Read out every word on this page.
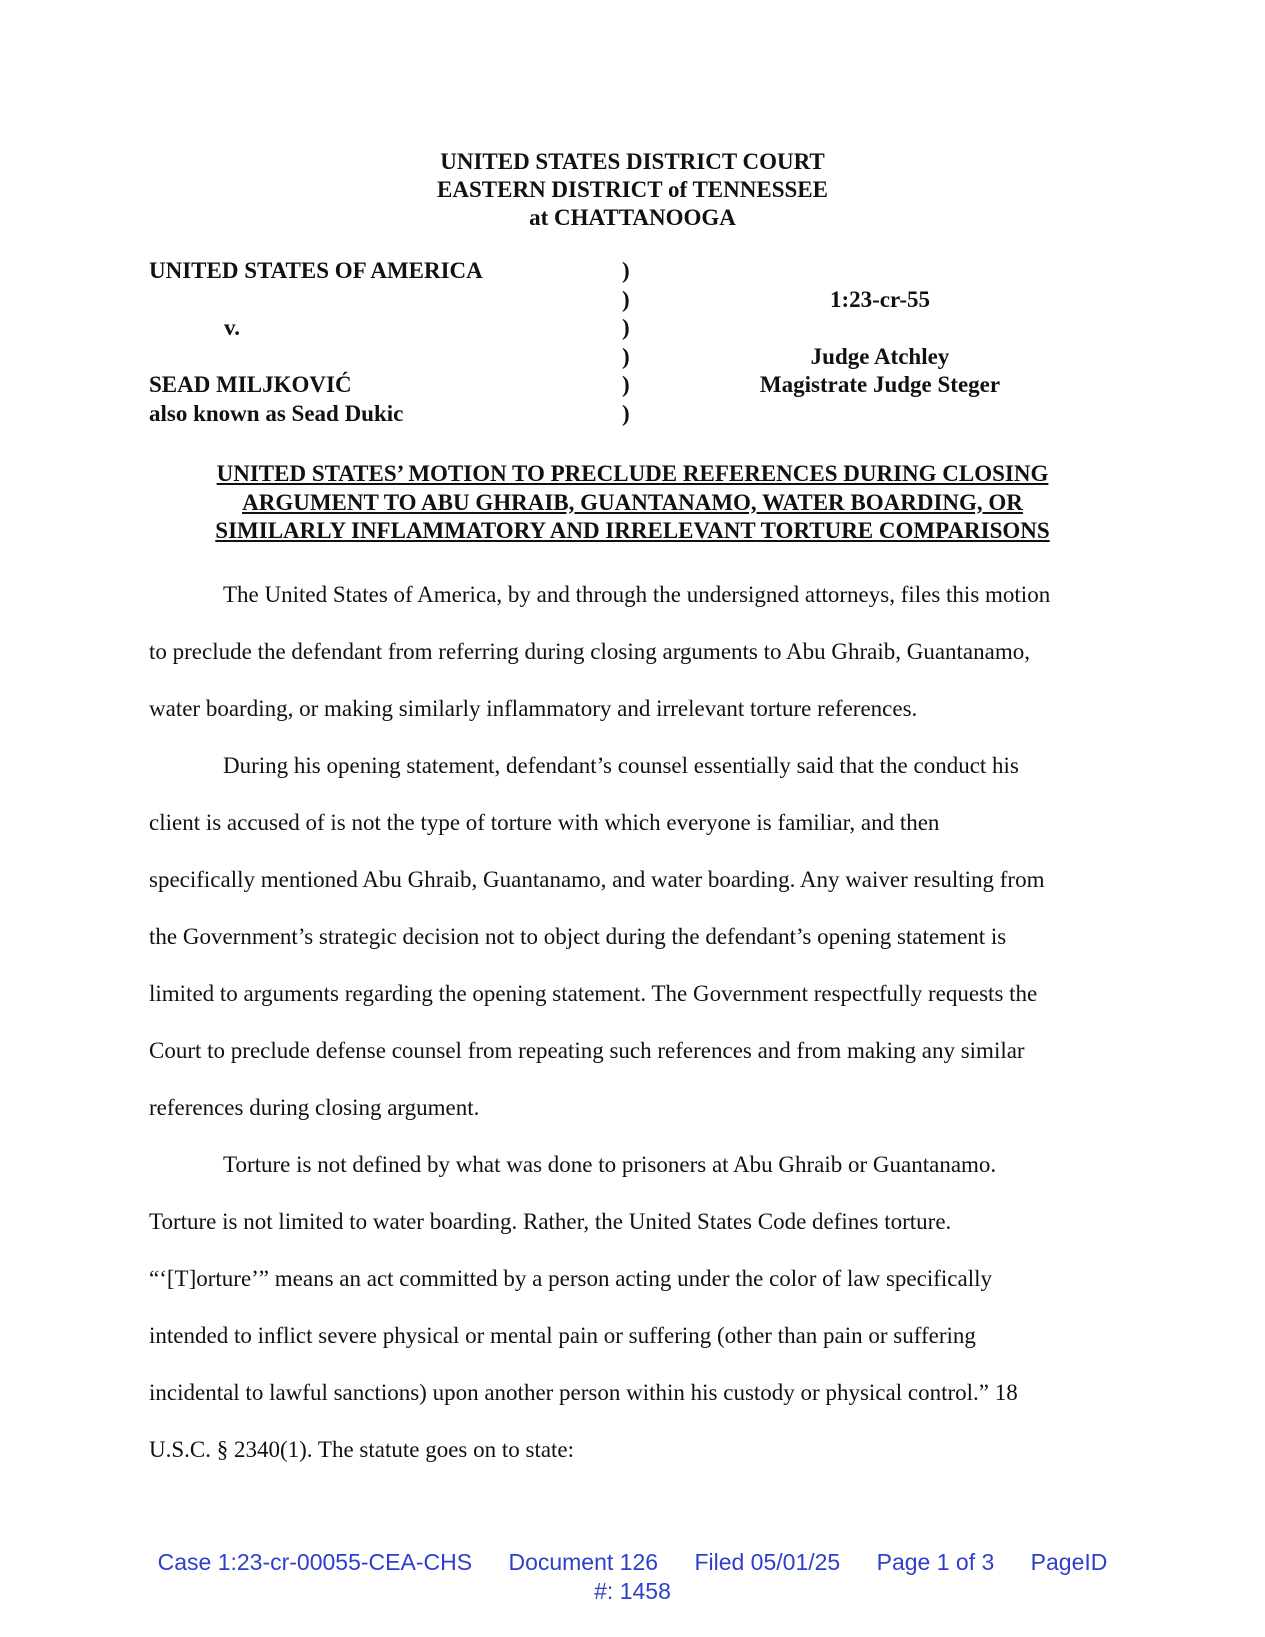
UNITED STATES DISTRICT COURT
EASTERN DISTRICT of TENNESSEE
at CHATTANOOGA
UNITED STATES OF AMERICA
v.
SEAD MILJKOVIĆ
also known as Sead Dukic
)
)
)
)
)
)
1:23-cr-55
Judge Atchley
Magistrate Judge Steger
UNITED STATES’ MOTION TO PRECLUDE REFERENCES DURING CLOSING
ARGUMENT TO ABU GHRAIB, GUANTANAMO, WATER BOARDING, OR
SIMILARLY INFLAMMATORY AND IRRELEVANT TORTURE COMPARISONS

The United States of America, by and through the undersigned attorneys, files this motion
to preclude the defendant from referring during closing arguments to Abu Ghraib, Guantanamo,
water boarding, or making similarly inflammatory and irrelevant torture references.

During his opening statement, defendant’s counsel essentially said that the conduct his
client is accused of is not the type of torture with which everyone is familiar, and then
specifically mentioned Abu Ghraib, Guantanamo, and water boarding. Any waiver resulting from
the Government’s strategic decision not to object during the defendant’s opening statement is
limited to arguments regarding the opening statement. The Government respectfully requests the
Court to preclude defense counsel from repeating such references and from making any similar
references during closing argument.

Torture is not defined by what was done to prisoners at Abu Ghraib or Guantanamo.
Torture is not limited to water boarding. Rather, the United States Code defines torture.
“‘[T]orture’” means an act committed by a person acting under the color of law specifically
intended to inflict severe physical or mental pain or suffering (other than pain or suffering
incidental to lawful sanctions) upon another person within his custody or physical control.” 18
U.S.C. § 2340(1). The statute goes on to state:

Case 1:23-cr-00055-CEA-CHS Document 126 Filed 05/01/25 Page 1 of 3 PageID
#: 1458
